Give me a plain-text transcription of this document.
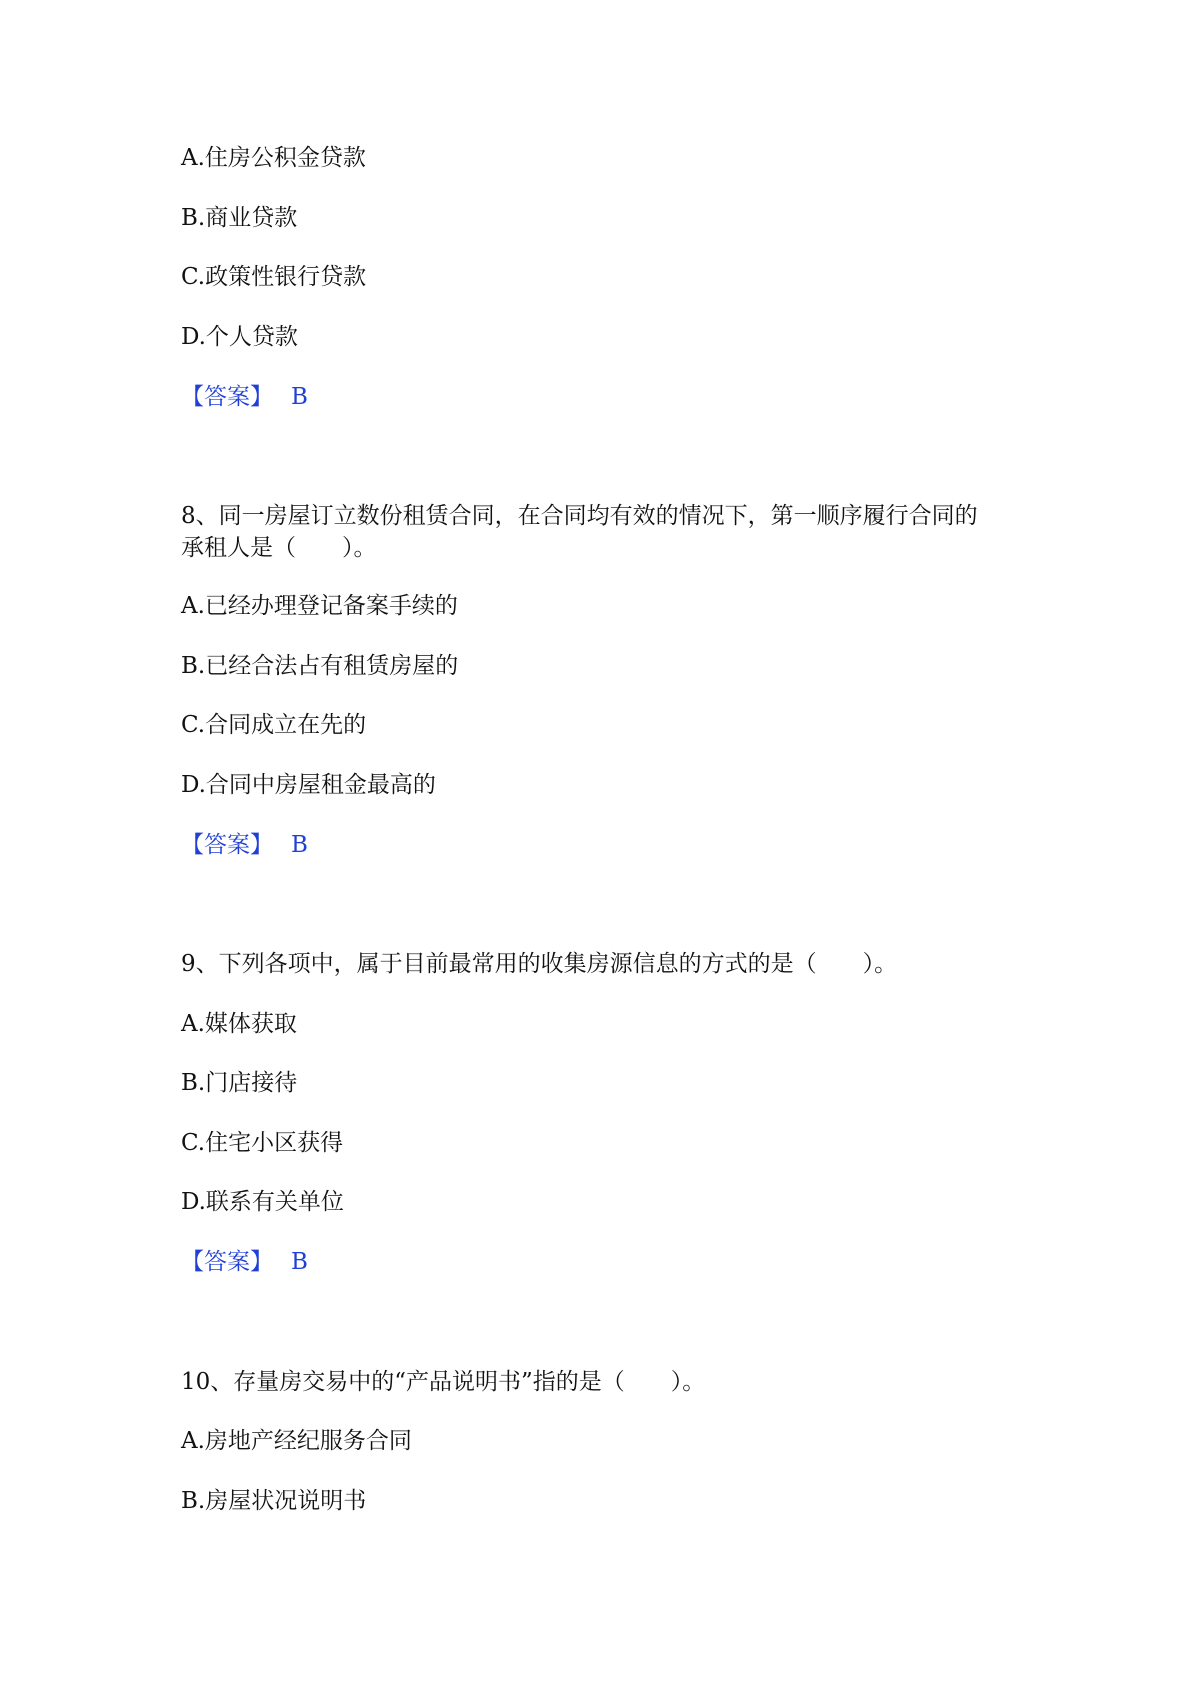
A.住房公积金贷款
B.商业贷款
C.政策性银行贷款
D.个人贷款
【答案】 B
8、同一房屋订立数份租赁合同，在合同均有效的情况下，第一顺序履行合同的
承租人是（　　）。
A.已经办理登记备案手续的
B.已经合法占有租赁房屋的
C.合同成立在先的
D.合同中房屋租金最高的
【答案】 B
9、下列各项中，属于目前最常用的收集房源信息的方式的是（　　）。
A.媒体获取
B.门店接待
C.住宅小区获得
D.联系有关单位
【答案】 B
10、存量房交易中的“产品说明书”指的是（　　）。
A.房地产经纪服务合同
B.房屋状况说明书
